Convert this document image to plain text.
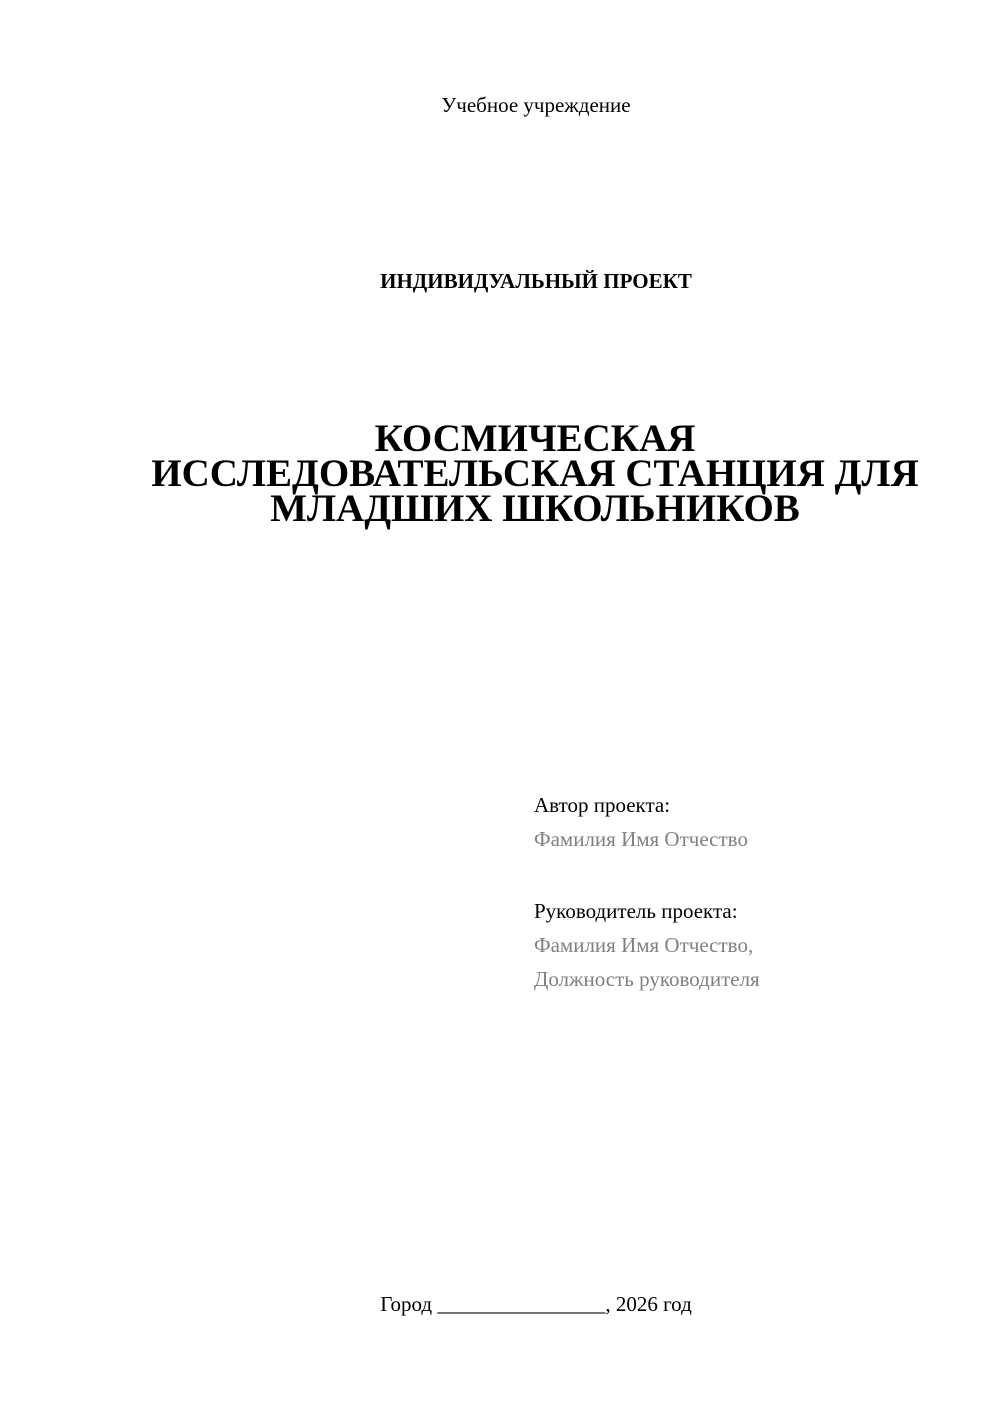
Учебное учреждение

ИНДИВИДУАЛЬНЫЙ ПРОЕКТ

КОСМИЧЕСКАЯ
ИССЛЕДОВАТЕЛЬСКАЯ СТАНЦИЯ ДЛЯ
МЛАДШИХ ШКОЛЬНИКОВ
Автор проекта:
Фамилия Имя Отчество
Руководитель проекта:
Фамилия Имя Отчество,
Должность руководителя

Город ________________, 2026 год
